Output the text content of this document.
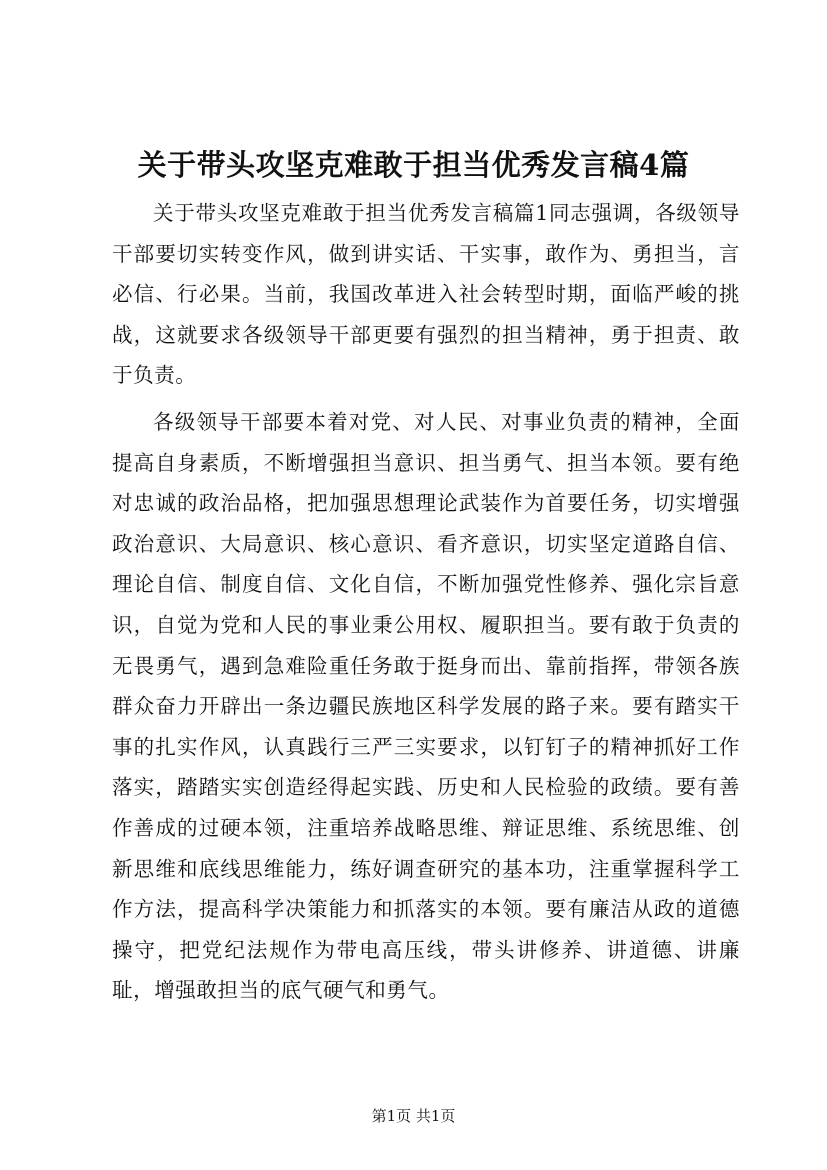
关于带头攻坚克难敢于担当优秀发言稿4篇

关于带头攻坚克难敢于担当优秀发言稿篇1同志强调，各级领导干部要切实转变作风，做到讲实话、干实事，敢作为、勇担当，言必信、行必果。当前，我国改革进入社会转型时期，面临严峻的挑战，这就要求各级领导干部更要有强烈的担当精神，勇于担责、敢于负责。

各级领导干部要本着对党、对人民、对事业负责的精神，全面提高自身素质，不断增强担当意识、担当勇气、担当本领。要有绝对忠诚的政治品格，把加强思想理论武装作为首要任务，切实增强政治意识、大局意识、核心意识、看齐意识，切实坚定道路自信、理论自信、制度自信、文化自信，不断加强党性修养、强化宗旨意识，自觉为党和人民的事业秉公用权、履职担当。要有敢于负责的无畏勇气，遇到急难险重任务敢于挺身而出、靠前指挥，带领各族群众奋力开辟出一条边疆民族地区科学发展的路子来。要有踏实干事的扎实作风，认真践行三严三实要求，以钉钉子的精神抓好工作落实，踏踏实实创造经得起实践、历史和人民检验的政绩。要有善作善成的过硬本领，注重培养战略思维、辩证思维、系统思维、创新思维和底线思维能力，练好调查研究的基本功，注重掌握科学工作方法，提高科学决策能力和抓落实的本领。要有廉洁从政的道德操守，把党纪法规作为带电高压线，带头讲修养、讲道德、讲廉耻，增强敢担当的底气硬气和勇气。

第1页 共1页
